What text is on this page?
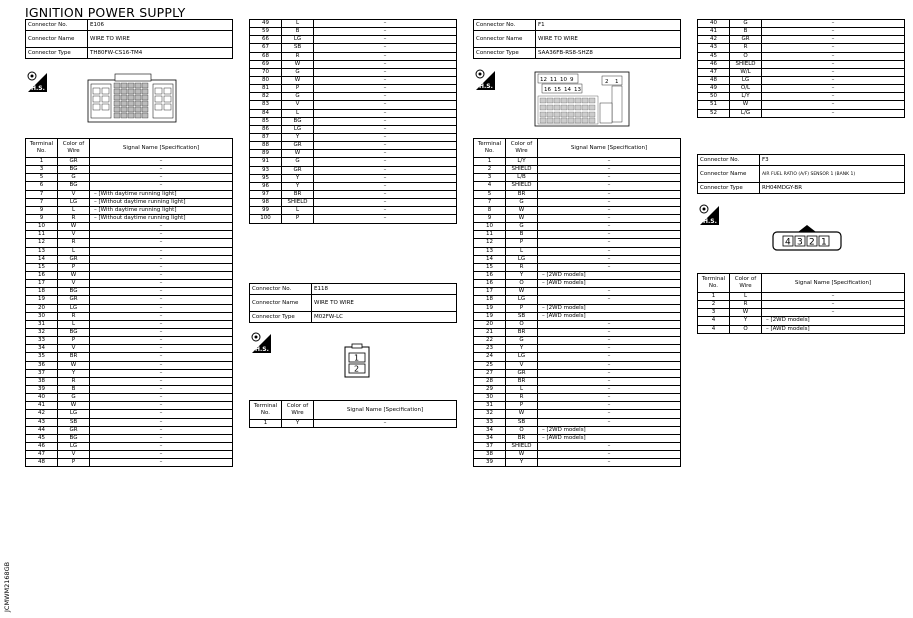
IGNITION POWER SUPPLY
JCMWM2168GB
Connector No.	E106
Connector Name	WIRE TO WIRE
Connector Type	TH80FW-CS16-TM4
H.S.
Terminal No.	Color of Wire	Signal Name [Specification]
1	GR	–
3	BG	–
5	G	–
6	BG	–
7	V	– [With daytime running light]
7	LG	– [Without daytime running light]
9	L	– [With daytime running light]
9	R	– [Without daytime running light]
10	W	–
11	V	–
12	R	–
13	L	–
14	GR	–
15	P	–
16	W	–
17	V	–
18	BG	–
19	GR	–
20	LG	–
30	R	–
31	L	–
32	BG	–
33	P	–
34	V	–
35	BR	–
36	W	–
37	Y	–
38	R	–
39	B	–
40	G	–
41	W	–
42	LG	–
43	SB	–
44	GR	–
45	BG	–
46	LG	–
47	V	–
48	P	–
49	L	–
59	B	–
66	LG	–
67	SB	–
68	R	–
69	W	–
70	G	–
80	W	–
81	P	–
82	G	–
83	V	–
84	L	–
85	BG	–
86	LG	–
87	Y	–
88	GR	–
89	W	–
91	G	–
93	GR	–
95	Y	–
96	Y	–
97	BR	–
98	SHIELD	–
99	L	–
100	P	–
Connector No.	E118
Connector Name	WIRE TO WIRE
Connector Type	M02FW-LC
H.S.
1
2
Terminal No.	Color of Wire	Signal Name [Specification]
1	Y	–
Connector No.	F1
Connector Name	WIRE TO WIRE
Connector Type	SAA36FB-RS8-SHZ8
H.S.
12 11 10 9
16 15 14 13
2 1
Terminal No.	Color of Wire	Signal Name [Specification]
1	L/Y	–
2	SHIELD	–
3	L/B	–
4	SHIELD	–
5	BR	–
7	G	–
8	W	–
9	W	–
10	G	–
11	B	–
12	P	–
13	L	–
14	LG	–
15	R	–
16	Y	– [2WD models]
16	O	– [AWD models]
17	W	–
18	LG	–
19	P	– [2WD models]
19	SB	– [AWD models]
20	O	–
21	BR	–
22	G	–
23	Y	–
24	LG	–
25	V	–
27	GR	–
28	BR	–
29	L	–
30	R	–
31	P	–
32	W	–
33	SB	–
34	O	– [2WD models]
34	BR	– [AWD models]
37	SHIELD	–
38	W	–
39	Y	–
40	G	–
41	B	–
42	GR	–
43	R	–
45	O	–
46	SHIELD	–
47	W/L	–
48	LG	–
49	O/L	–
50	L/Y	–
51	W	–
52	L/G	–
Connector No.	F3
Connector Name	AIR FUEL RATIO (A/F) SENSOR 1 (BANK 1)
Connector Type	RH04MDGY-BR
H.S.
4 3 2 1
Terminal No.	Color of Wire	Signal Name [Specification]
1	L	–
2	R	–
3	W	–
4	Y	– [2WD models]
4	O	– [AWD models]
